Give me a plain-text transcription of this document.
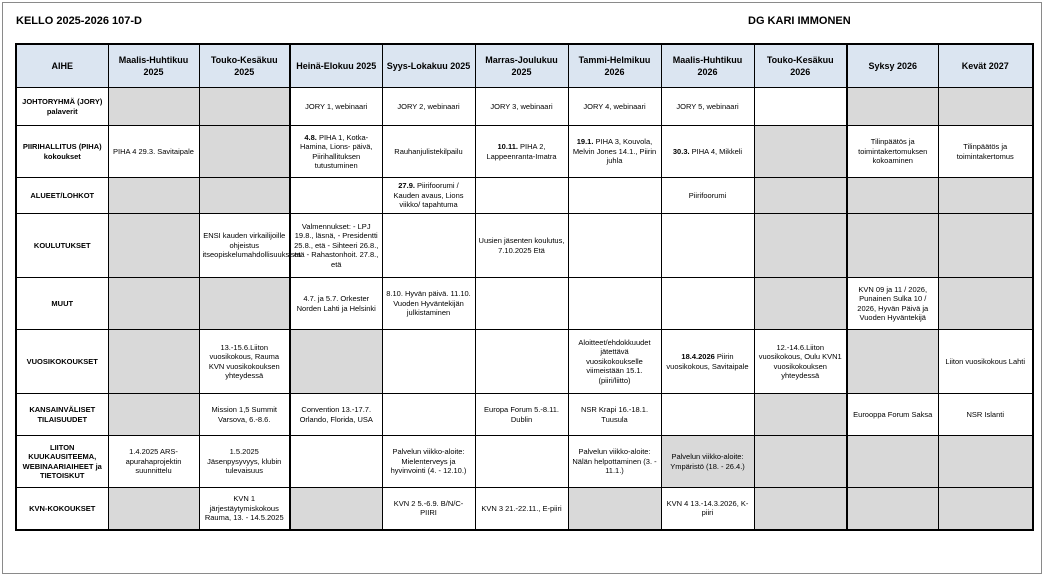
KELLO 2025-2026 107-D	DG KARI IMMONEN
AIHE	Maalis-Huhtikuu 2025	Touko-Kesäkuu 2025	Heinä-Elokuu 2025	Syys-Lokakuu 2025	Marras-Joulukuu 2025	Tammi-Helmikuu 2026	Maalis-Huhtikuu 2026	Touko-Kesäkuu 2026	Syksy 2026	Kevät 2027
JOHTORYHMÄ (JORY) palaverit			JORY 1, webinaari	JORY 2, webinaari	JORY 3, webinaari	JORY 4, webinaari	JORY 5, webinaari			
PIIRIHALLITUS (PIHA) kokoukset	PIHA 4 29.3. Savitaipale		4.8. PIHA 1, Kotka-Hamina, Lions- päivä, Piirihallituksen tutustuminen	Rauhanjulistekilpailu	10.11. PIHA 2, Lappeenranta-Imatra	19.1. PIHA 3, Kouvola, Melvin Jones 14.1., Piirin juhla	30.3. PIHA 4, Mikkeli		Tilinpäätös ja toimintakertomuksen kokoaminen	Tilinpäätös ja toimintakertomus
ALUEET/LOHKOT				27.9. Piirifoorumi / Kauden avaus, Lions viikko/ tapahtuma			Piirifoorumi			
KOULUTUKSET		ENSI kauden virkailijoille ohjeistus itseopiskelumahdollisuuksista	Valmennukset: - LPJ 19.8., läsnä, - Presidentti 25.8., etä - Sihteeri 26.8., etä - Rahastonhoit. 27.8., etä		Uusien jäsenten koulutus, 7.10.2025 Etä					
MUUT			4.7. ja 5.7. Orkester Norden Lahti ja Helsinki	8.10. Hyvän päivä. 11.10. Vuoden Hyväntekijän julkistaminen					KVN 09 ja 11 / 2026, Punainen Sulka 10 / 2026, Hyvän Päivä ja Vuoden Hyväntekijä	
VUOSIKOKOUKSET		13.-15.6.Liiton vuosikokous, Rauma KVN vuosikokouksen yhteydessä				Aloitteet/ehdokkuudet jätettävä vuosikokoukselle viimeistään 15.1. (piiri/liitto)	18.4.2026 Piirin vuosikokous, Savitaipale	12.-14.6.Liiton vuosikokous, Oulu KVN1 vuosikokouksen yhteydessä		Liiton vuosikokous Lahti
KANSAINVÄLISET TILAISUUDET		Mission 1,5 Summit Varsova, 6.-8.6.	Convention 13.-17.7. Orlando, Florida, USA		Europa Forum 5.-8.11. Dublin	NSR Krapi 16.-18.1. Tuusula			Eurooppa Forum Saksa	NSR Islanti
LIITON KUUKAUSITEEMA, WEBINAARIAIHEET ja TIETOISKUT	1.4.2025 ARS-apurahaprojektin suunnittelu	1.5.2025 Jäsenpysyvyys, klubin tulevaisuus		Palvelun viikko-aloite: Mielenterveys ja hyvinvointi (4. - 12.10.)		Palvelun viikko-aloite: Nälän helpottaminen (3. - 11.1.)	Palvelun viikko-aloite: Ympäristö (18. - 26.4.)			
KVN-KOKOUKSET		KVN 1 järjestäytymiskokous Rauma, 13. - 14.5.2025		KVN 2 5.-6.9. B/N/C-PIIRI	KVN 3 21.-22.11., E-piiri		KVN 4 13.-14.3.2026, K-piiri			
